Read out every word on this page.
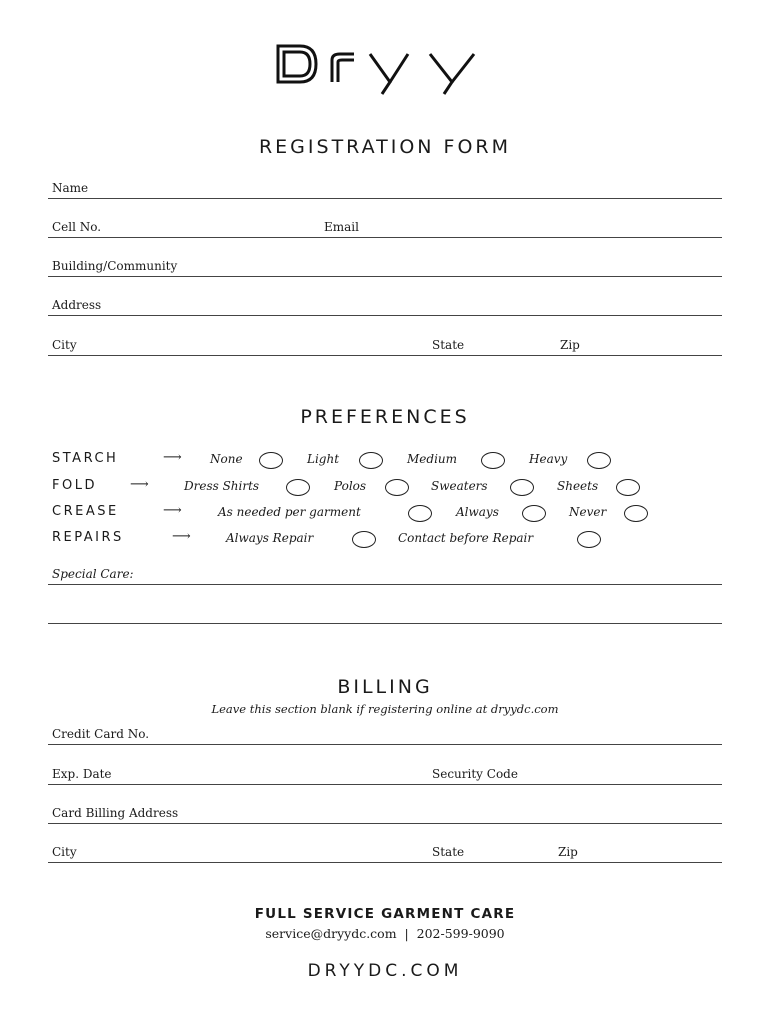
REGISTRATION FORM
Name
Cell No.	Email
Building/Community
Address
City	State	Zip
PREFERENCES
STARCH	⟶ None	Light	Medium	Heavy
FOLD	⟶	Dress Shirts	Polos	Sweaters	Sheets
CREASE	⟶	As needed per garment	Always	Never
REPAIRS	⟶	Always Repair	Contact before Repair
Special Care:
BILLING
Leave this section blank if registering online at dryydc.com
Credit Card No.
Exp. Date	Security Code
Card Billing Address
City	State	Zip
FULL SERVICE GARMENT CARE
service@dryydc.com  |  202-599-9090
DRYYDC.COM
